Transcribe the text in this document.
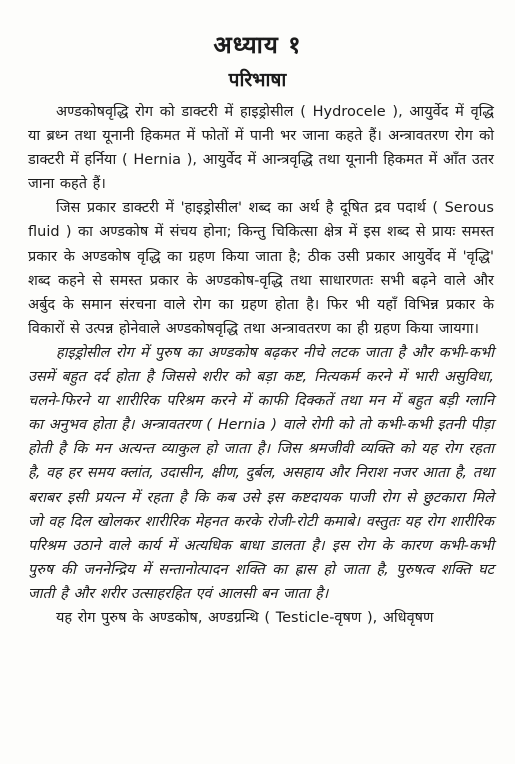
अध्याय १
परिभाषा

अण्डकोषवृद्धि रोग को डाक्टरी में हाइड्रोसील ( Hydrocele ), आयुर्वेद में वृद्धि या ब्रध्न तथा यूनानी हिकमत में फोतों में पानी भर जाना कहते हैं। अन्त्रावतरण रोग को डाक्टरी में हर्निया ( Hernia ), आयुर्वेद में आन्त्रवृद्धि तथा यूनानी हिकमत में आँत उतर जाना कहते हैं।

जिस प्रकार डाक्टरी में 'हाइड्रोसील' शब्द का अर्थ है दूषित द्रव पदार्थ ( Serous fluid ) का अण्डकोष में संचय होना; किन्तु चिकित्सा क्षेत्र में इस शब्द से प्रायः समस्त प्रकार के अण्डकोष वृद्धि का ग्रहण किया जाता है; ठीक उसी प्रकार आयुर्वेद में 'वृद्धि' शब्द कहने से समस्त प्रकार के अण्डकोष-वृद्धि तथा साधारणतः सभी बढ़ने वाले और अर्बुद के समान संरचना वाले रोग का ग्रहण होता है। फिर भी यहाँ विभिन्न प्रकार के विकारों से उत्पन्न होनेवाले अण्डकोषवृद्धि तथा अन्त्रावतरण का ही ग्रहण किया जायगा।

हाइड्रोसील रोग में पुरुष का अण्डकोष बढ़कर नीचे लटक जाता है और कभी-कभी उसमें बहुत दर्द होता है जिससे शरीर को बड़ा कष्ट, नित्यकर्म करने में भारी असुविधा, चलने-फिरने या शारीरिक परिश्रम करने में काफी दिक्कतें तथा मन में बहुत बड़ी ग्लानि का अनुभव होता है। अन्त्रावतरण ( Hernia ) वाले रोगी को तो कभी-कभी इतनी पीड़ा होती है कि मन अत्यन्त व्याकुल हो जाता है। जिस श्रमजीवी व्यक्ति को यह रोग रहता है, वह हर समय क्लांत, उदासीन, क्षीण, दुर्बल, असहाय और निराश नजर आता है, तथा बराबर इसी प्रयत्न में रहता है कि कब उसे इस कष्टदायक पाजी रोग से छुटकारा मिले जो वह दिल खोलकर शारीरिक मेहनत करके रोजी-रोटी कमाबे। वस्तुतः यह रोग शारीरिक परिश्रम उठाने वाले कार्य में अत्यधिक बाधा डालता है। इस रोग के कारण कभी-कभी पुरुष की जननेन्द्रिय में सन्तानोत्पादन शक्ति का ह्रास हो जाता है, पुरुषत्व शक्ति घट जाती है और शरीर उत्साहरहित एवं आलसी बन जाता है।

यह रोग पुरुष के अण्डकोष, अण्डग्रन्थि ( Testicle-वृषण ), अधिवृषण
